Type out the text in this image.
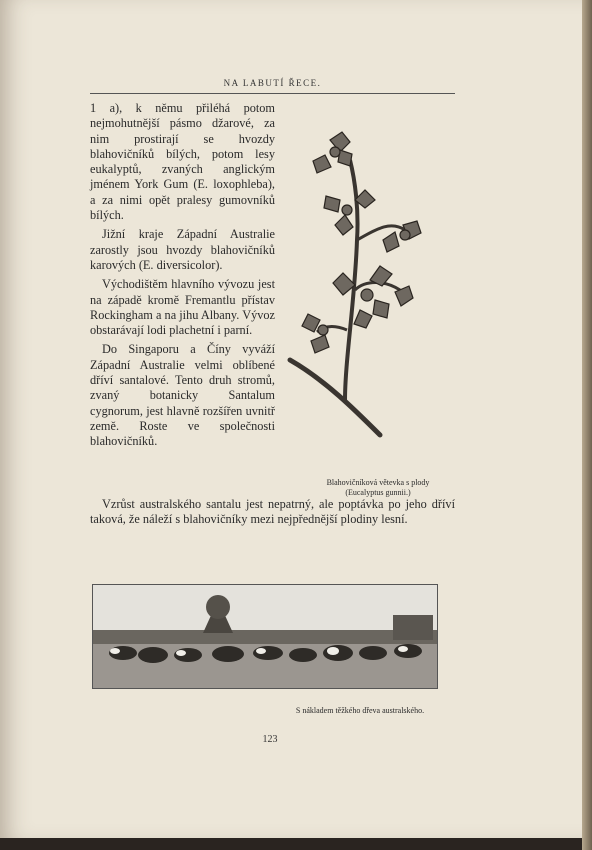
NA LABUTÍ ŘECE.

1 a), k němu přiléhá potom nejmohutnější pásmo džarové, za nim prostirají se hvozdy blahovičníků bílých, potom lesy eukalyptů, zvaných anglickým jménem York Gum (E. loxophleba), a za nimi opět pralesy gumovníků bílých.

Jižní kraje Západní Australie zarostly jsou hvozdy blahovičníků karových (E. diversicolor).

Východištěm hlavního vývozu jest na západě kromě Fremantlu přístav Rockingham a na jihu Albany. Vývoz obstarávají lodi plachetní i parní.

Do Singaporu a Číny vyváží Západní Australie velmi oblíbené dříví santalové. Tento druh stromů, zvaný botanicky Santalum cygnorum, jest hlavně rozšířen uvnitř země. Roste ve společnosti blahovičníků.

Blahovičníková větevka s plody
(Eucalyptus gunnii.)

Vzrůst australského santalu jest nepatrný, ale poptávka po jeho dříví taková, že náleží s blahovičníky mezi nejpřednější plodiny lesní.

S nákladem těžkého dřeva australského.
123
